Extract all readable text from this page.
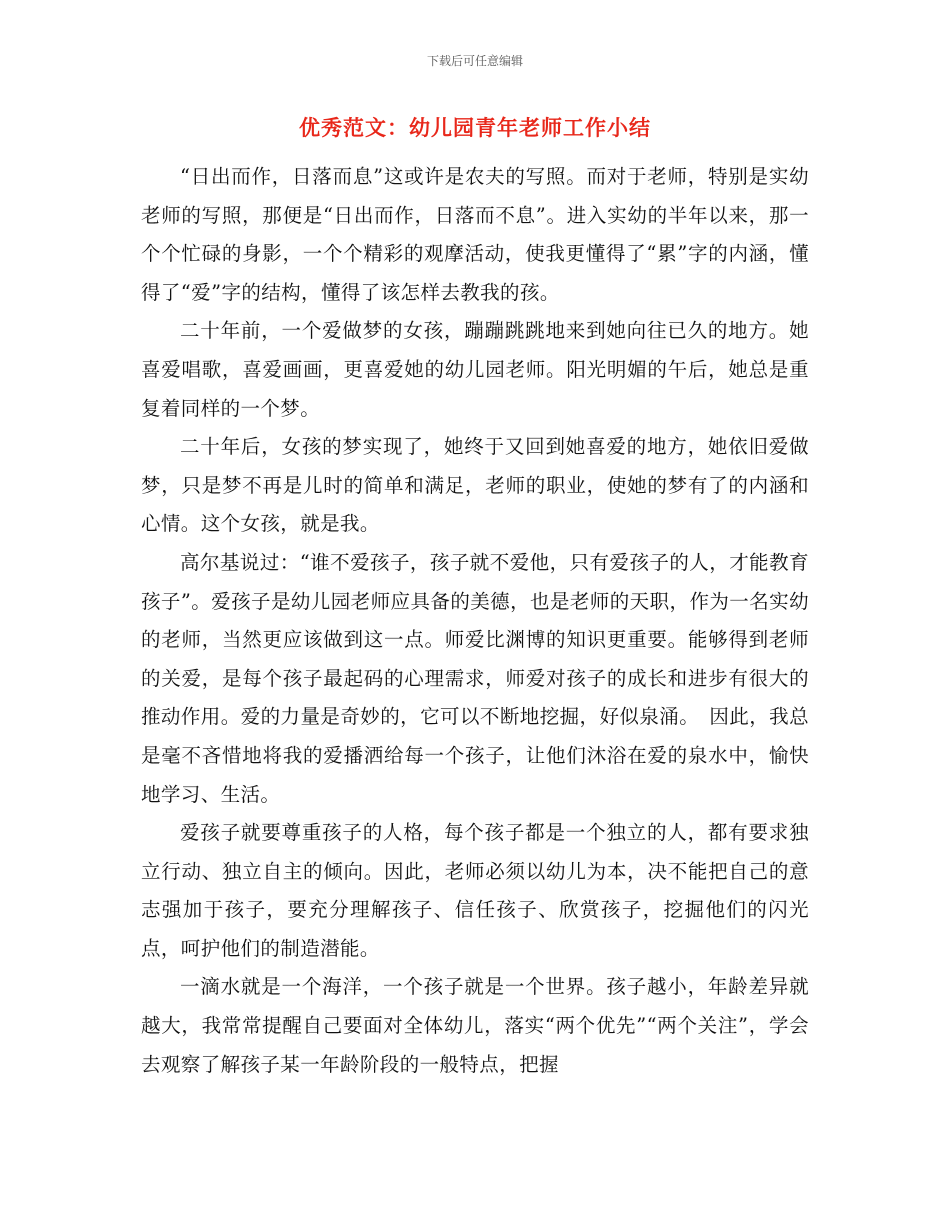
下载后可任意编辑
优秀范文：幼儿园青年老师工作小结

“日出而作，日落而息”这或许是农夫的写照。而对于老师，特别是实幼老师的写照，那便是“日出而作，日落而不息”。进入实幼的半年以来，那一个个忙碌的身影，一个个精彩的观摩活动，使我更懂得了“累”字的内涵，懂得了“爱”字的结构，懂得了该怎样去教我的孩。

二十年前，一个爱做梦的女孩，蹦蹦跳跳地来到她向往已久的地方。她喜爱唱歌，喜爱画画，更喜爱她的幼儿园老师。阳光明媚的午后，她总是重复着同样的一个梦。

二十年后，女孩的梦实现了，她终于又回到她喜爱的地方，她依旧爱做梦，只是梦不再是儿时的简单和满足，老师的职业，使她的梦有了的内涵和心情。这个女孩，就是我。

高尔基说过：“谁不爱孩子，孩子就不爱他，只有爱孩子的人，才能教育孩子”。爱孩子是幼儿园老师应具备的美德，也是老师的天职，作为一名实幼的老师，当然更应该做到这一点。师爱比渊博的知识更重要。能够得到老师的关爱，是每个孩子最起码的心理需求，师爱对孩子的成长和进步有很大的推动作用。爱的力量是奇妙的，它可以不断地挖掘，好似泉涌。　因此，我总是毫不吝惜地将我的爱播洒给每一个孩子，让他们沐浴在爱的泉水中，愉快地学习、生活。

爱孩子就要尊重孩子的人格，每个孩子都是一个独立的人，都有要求独立行动、独立自主的倾向。因此，老师必须以幼儿为本，决不能把自己的意志强加于孩子，要充分理解孩子、信任孩子、欣赏孩子，挖掘他们的闪光点，呵护他们的制造潜能。

一滴水就是一个海洋，一个孩子就是一个世界。孩子越小，年龄差异就越大，我常常提醒自己要面对全体幼儿，落实“两个优先”“两个关注”，学会去观察了解孩子某一年龄阶段的一般特点，把握
